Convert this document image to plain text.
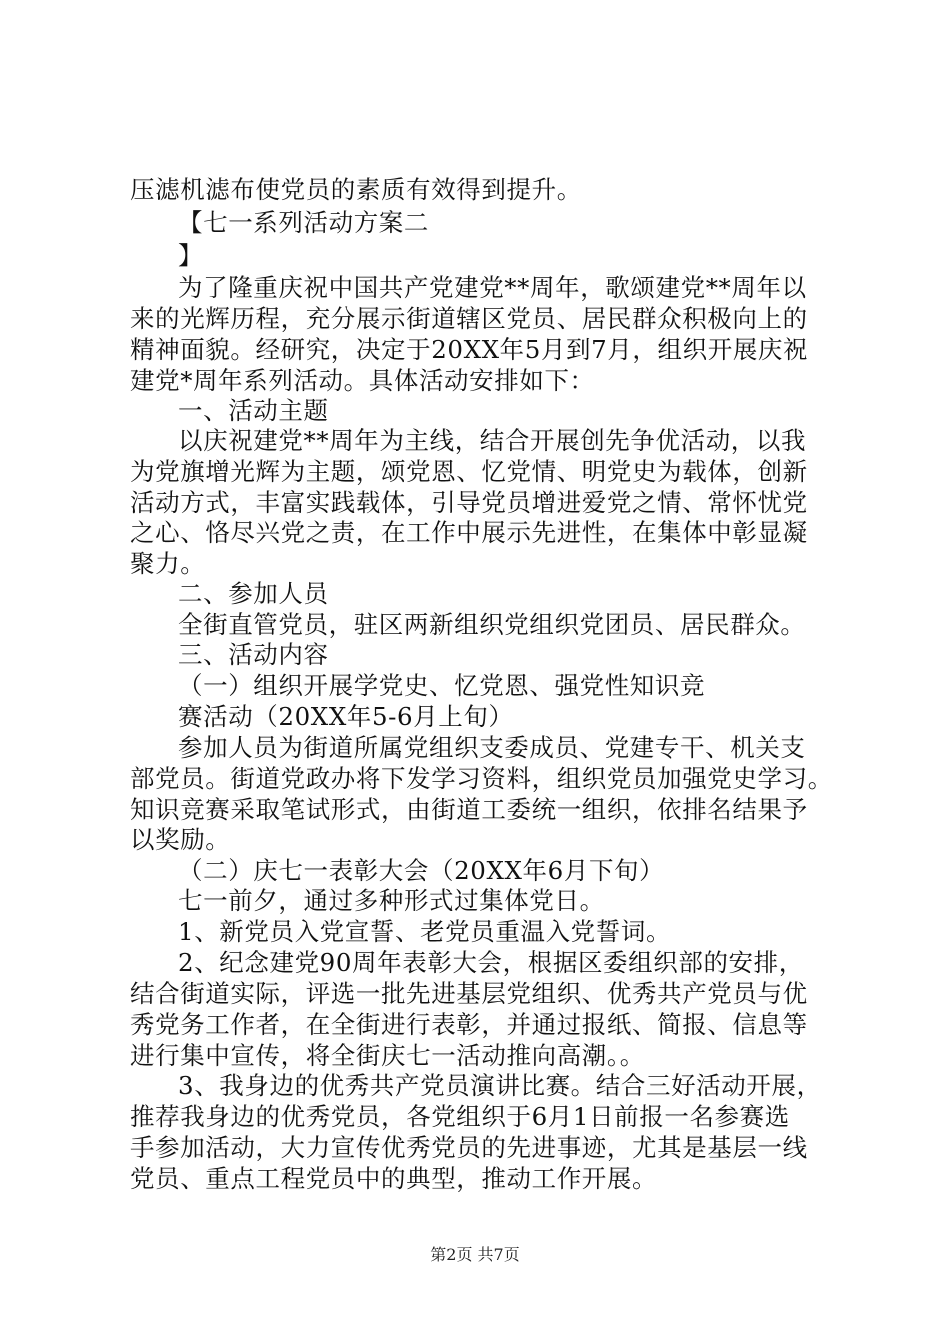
压滤机滤布使党员的素质有效得到提升。
【七一系列活动方案二
】
为了隆重庆祝中国共产党建党**周年，歌颂建党**周年以
来的光辉历程，充分展示街道辖区党员、居民群众积极向上的
精神面貌。经研究，决定于20XX年5月到7月，组织开展庆祝
建党*周年系列活动。具体活动安排如下：
一、活动主题
以庆祝建党**周年为主线，结合开展创先争优活动，以我
为党旗增光辉为主题，颂党恩、忆党情、明党史为载体，创新
活动方式，丰富实践载体，引导党员增进爱党之情、常怀忧党
之心、恪尽兴党之责，在工作中展示先进性，在集体中彰显凝
聚力。
二、参加人员
全街直管党员，驻区两新组织党组织党团员、居民群众。
三、活动内容
（一）组织开展学党史、忆党恩、强党性知识竞
赛活动（20XX年5-6月上旬）
参加人员为街道所属党组织支委成员、党建专干、机关支
部党员。街道党政办将下发学习资料，组织党员加强党史学习。
知识竞赛采取笔试形式，由街道工委统一组织，依排名结果予
以奖励。
（二）庆七一表彰大会（20XX年6月下旬）
七一前夕，通过多种形式过集体党日。
1、新党员入党宣誓、老党员重温入党誓词。
2、纪念建党90周年表彰大会，根据区委组织部的安排，
结合街道实际，评选一批先进基层党组织、优秀共产党员与优
秀党务工作者，在全街进行表彰，并通过报纸、简报、信息等
进行集中宣传，将全街庆七一活动推向高潮。。
3、我身边的优秀共产党员演讲比赛。结合三好活动开展，
推荐我身边的优秀党员，各党组织于6月1日前报一名参赛选
手参加活动，大力宣传优秀党员的先进事迹，尤其是基层一线
党员、重点工程党员中的典型，推动工作开展。
第2页 共7页
